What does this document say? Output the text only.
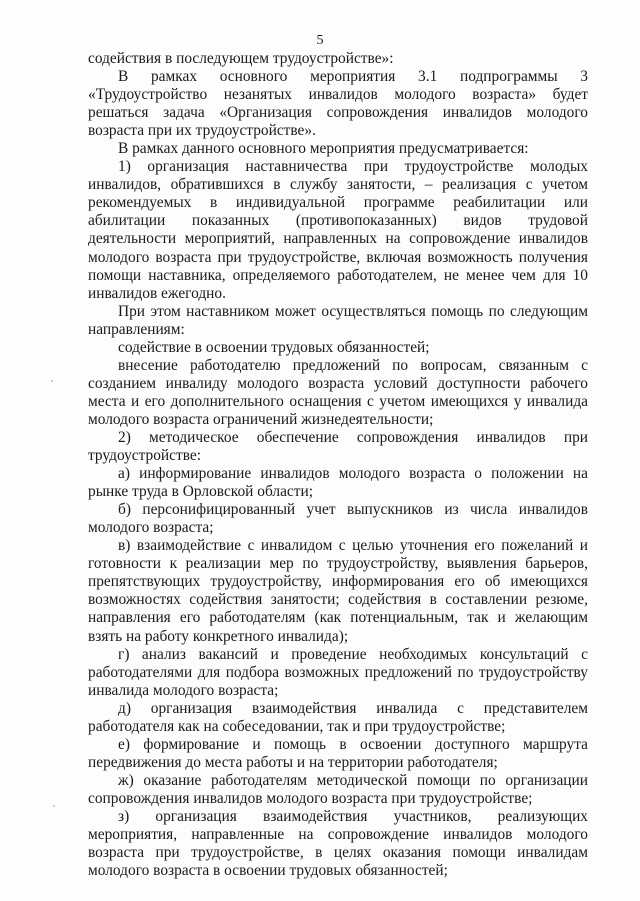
5

содействия в последующем трудоустройстве»:

В рамках основного мероприятия 3.1 подпрограммы 3 «Трудоустройство незанятых инвалидов молодого возраста» будет решаться задача «Организация сопровождения инвалидов молодого возраста при их трудоустройстве».

В рамках данного основного мероприятия предусматривается:

1) организация наставничества при трудоустройстве молодых инвалидов, обратившихся в службу занятости, – реализация с учетом рекомендуемых в индивидуальной программе реабилитации или абилитации показанных (противопоказанных) видов трудовой деятельности мероприятий, направленных на сопровождение инвалидов молодого возраста при трудоустройстве, включая возможность получения помощи наставника, определяемого работодателем, не менее чем для 10 инвалидов ежегодно.

При этом наставником может осуществляться помощь по следующим направлениям:

содействие в освоении трудовых обязанностей;

внесение работодателю предложений по вопросам, связанным с созданием инвалиду молодого возраста условий доступности рабочего места и его дополнительного оснащения с учетом имеющихся у инвалида молодого возраста ограничений жизнедеятельности;

2) методическое обеспечение сопровождения инвалидов при трудоустройстве:

а) информирование инвалидов молодого возраста о положении на рынке труда в Орловской области;

б) персонифицированный учет выпускников из числа инвалидов молодого возраста;

в) взаимодействие с инвалидом с целью уточнения его пожеланий и готовности к реализации мер по трудоустройству, выявления барьеров, препятствующих трудоустройству, информирования его об имеющихся возможностях содействия занятости; содействия в составлении резюме, направления его работодателям (как потенциальным, так и желающим взять на работу конкретного инвалида);

г) анализ вакансий и проведение необходимых консультаций с работодателями для подбора возможных предложений по трудоустройству инвалида молодого возраста;

д) организация взаимодействия инвалида с представителем работодателя как на собеседовании, так и при трудоустройстве;

е) формирование и помощь в освоении доступного маршрута передвижения до места работы и на территории работодателя;

ж) оказание работодателям методической помощи по организации сопровождения инвалидов молодого возраста при трудоустройстве;

з) организация взаимодействия участников, реализующих мероприятия, направленные на сопровождение инвалидов молодого возраста при трудоустройстве, в целях оказания помощи инвалидам молодого возраста в освоении трудовых обязанностей;
